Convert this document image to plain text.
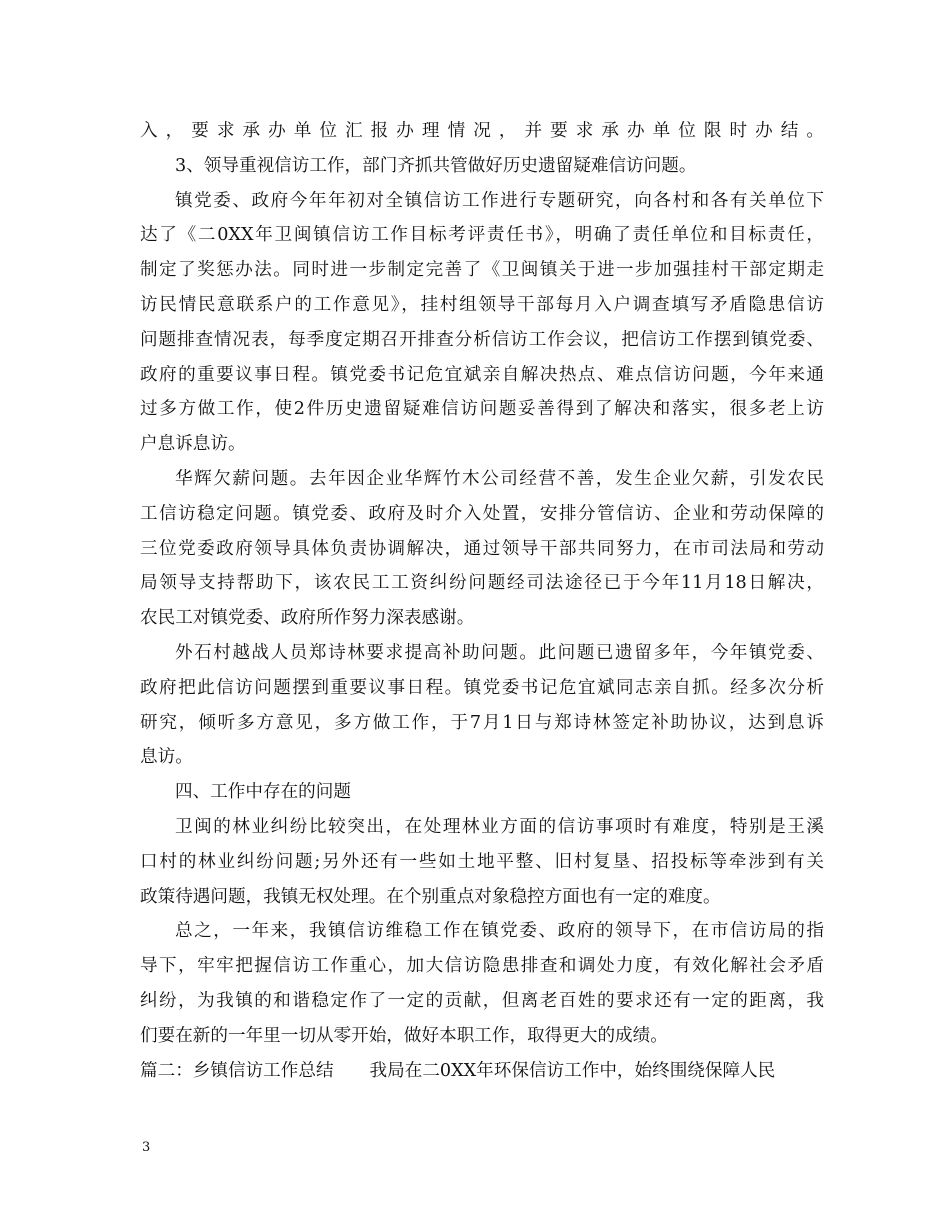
入，要求承办单位汇报办理情况，并要求承办单位限时办结。
3、领导重视信访工作，部门齐抓共管做好历史遗留疑难信访问题。
镇党委、政府今年年初对全镇信访工作进行专题研究，向各村和各有关单位下
达了《二0XX年卫闽镇信访工作目标考评责任书》，明确了责任单位和目标责任，
制定了奖惩办法。同时进一步制定完善了《卫闽镇关于进一步加强挂村干部定期走
访民情民意联系户的工作意见》，挂村组领导干部每月入户调查填写矛盾隐患信访
问题排查情况表，每季度定期召开排查分析信访工作会议，把信访工作摆到镇党委、
政府的重要议事日程。镇党委书记危宜斌亲自解决热点、难点信访问题，今年来通
过多方做工作，使2件历史遗留疑难信访问题妥善得到了解决和落实，很多老上访
户息诉息访。
华辉欠薪问题。去年因企业华辉竹木公司经营不善，发生企业欠薪，引发农民
工信访稳定问题。镇党委、政府及时介入处置，安排分管信访、企业和劳动保障的
三位党委政府领导具体负责协调解决，通过领导干部共同努力，在市司法局和劳动
局领导支持帮助下，该农民工工资纠纷问题经司法途径已于今年11月18日解决，
农民工对镇党委、政府所作努力深表感谢。
外石村越战人员郑诗林要求提高补助问题。此问题已遗留多年，今年镇党委、
政府把此信访问题摆到重要议事日程。镇党委书记危宜斌同志亲自抓。经多次分析
研究，倾听多方意见，多方做工作，于7月1日与郑诗林签定补助协议，达到息诉
息访。
四、工作中存在的问题
卫闽的林业纠纷比较突出，在处理林业方面的信访事项时有难度，特别是王溪
口村的林业纠纷问题;另外还有一些如土地平整、旧村复垦、招投标等牵涉到有关
政策待遇问题，我镇无权处理。在个别重点对象稳控方面也有一定的难度。
总之，一年来，我镇信访维稳工作在镇党委、政府的领导下，在市信访局的指
导下，牢牢把握信访工作重心，加大信访隐患排查和调处力度，有效化解社会矛盾
纠纷，为我镇的和谐稳定作了一定的贡献，但离老百姓的要求还有一定的距离，我
们要在新的一年里一切从零开始，做好本职工作，取得更大的成绩。
篇二：乡镇信访工作总结 我局在二0XX年环保信访工作中，始终围绕保障人民
3
